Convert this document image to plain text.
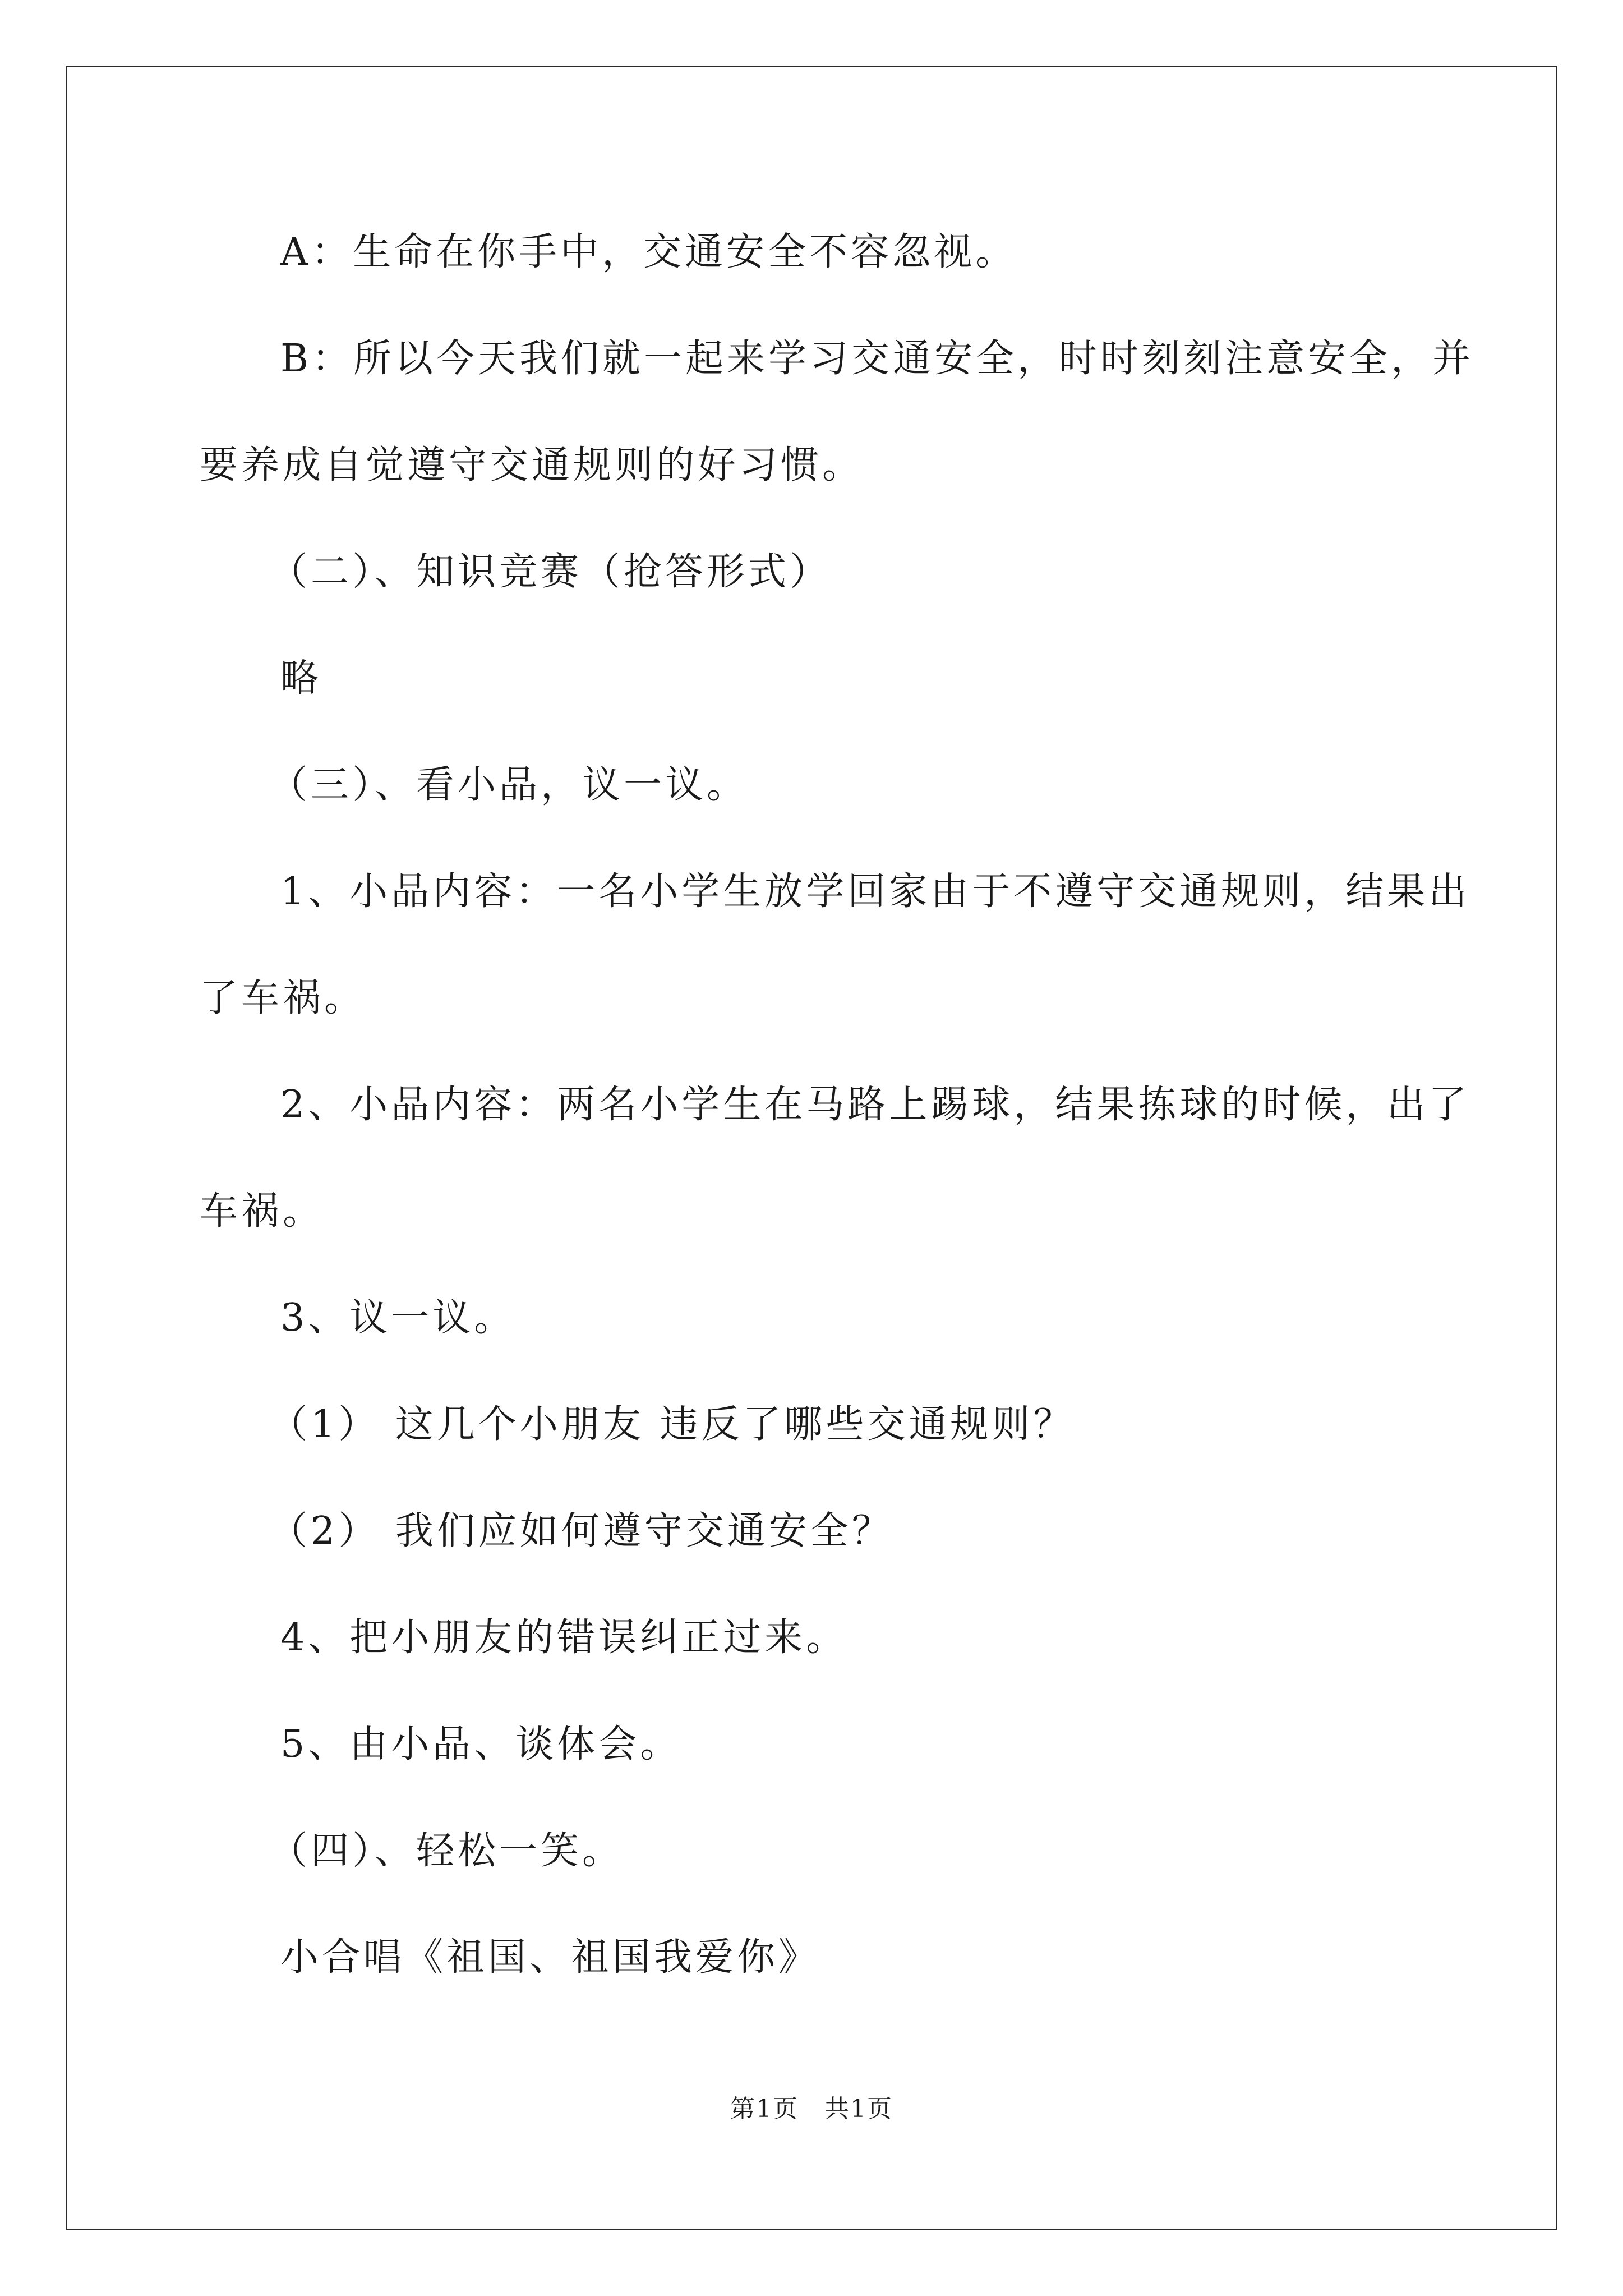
A：生命在你手中，交通安全不容忽视。
B：所以今天我们就一起来学习交通安全，时时刻刻注意安全，并
要养成自觉遵守交通规则的好习惯。
（二）、知识竞赛（抢答形式）
略
（三）、看小品，议一议。
1、小品内容：一名小学生放学回家由于不遵守交通规则，结果出
了车祸。
2、小品内容：两名小学生在马路上踢球，结果拣球的时候，出了
车祸。
3、议一议。
（1） 这几个小朋友 违反了哪些交通规则？
（2） 我们应如何遵守交通安全？
4、把小朋友的错误纠正过来。
5、由小品、谈体会。
（四）、轻松一笑。
小合唱《祖国、祖国我爱你》
第1页　共1页
